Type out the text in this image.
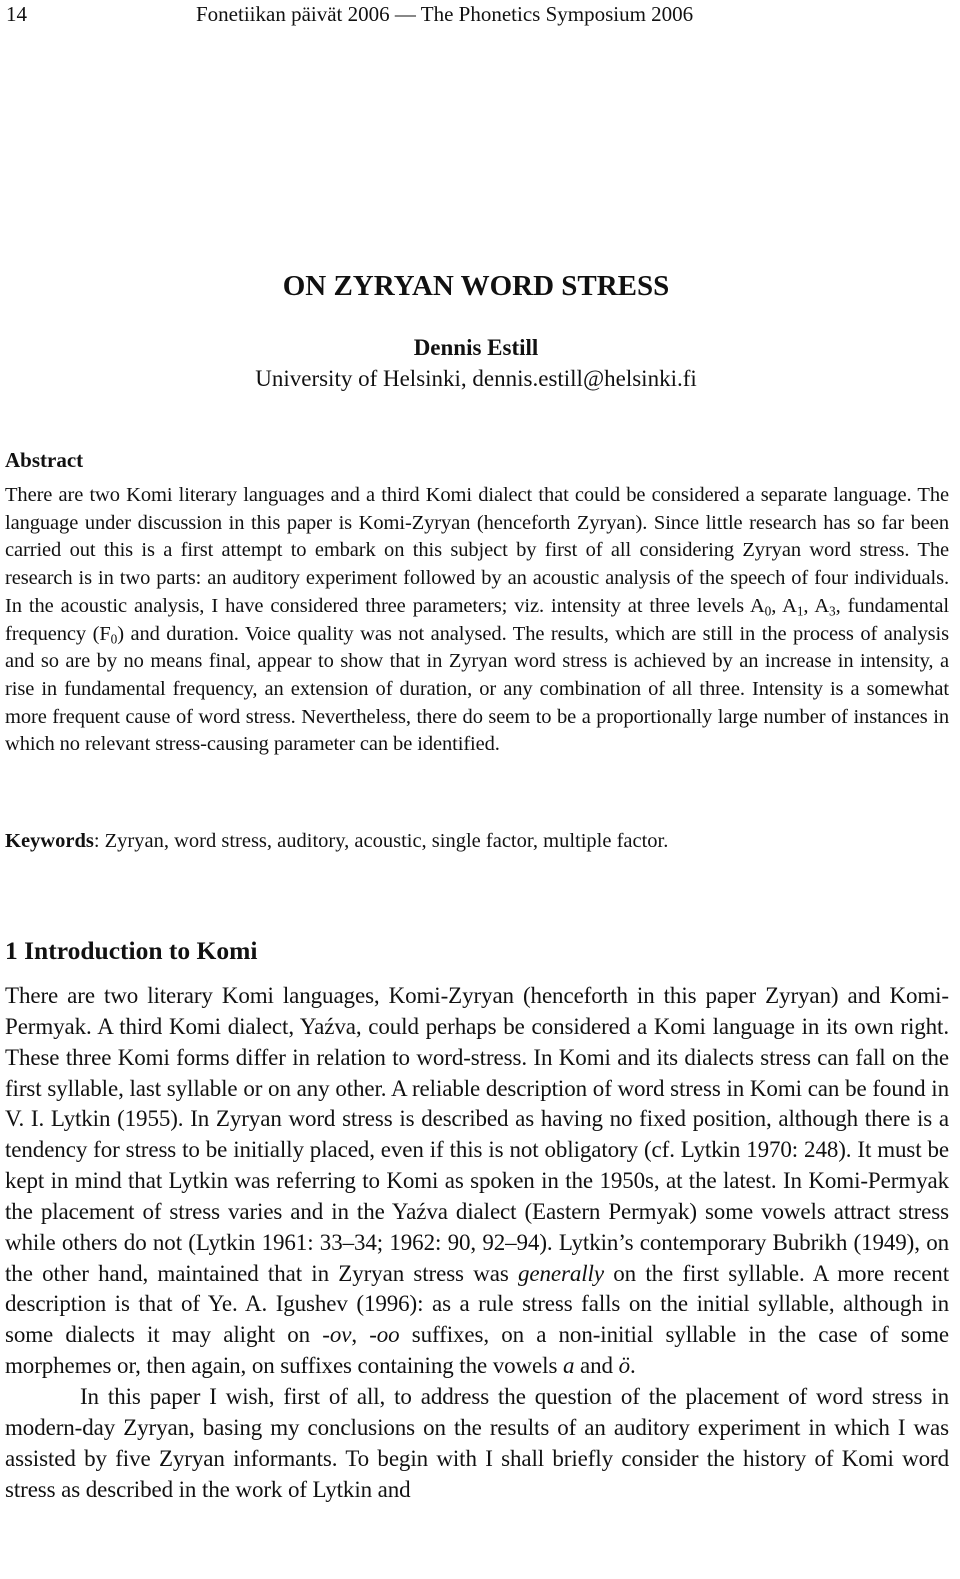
14	Fonetiikan päivät 2006 — The Phonetics Symposium 2006
ON ZYRYAN WORD STRESS
Dennis Estill
University of Helsinki, dennis.estill@helsinki.fi
Abstract
There are two Komi literary languages and a third Komi dialect that could be considered a separate language. The language under discussion in this paper is Komi-Zyryan (henceforth Zyryan). Since little research has so far been carried out this is a first attempt to embark on this subject by first of all considering Zyryan word stress. The research is in two parts: an auditory experiment followed by an acoustic analysis of the speech of four individuals. In the acoustic analysis, I have considered three parameters; viz. intensity at three levels $A_0$, $A_1$, $A_3$, fundamental frequency $(F_0)$ and duration. Voice quality was not analysed. The results, which are still in the process of analysis and so are by no means final, appear to show that in Zyryan word stress is achieved by an increase in intensity, a rise in fundamental frequency, an extension of duration, or any combination of all three. Intensity is a somewhat more frequent cause of word stress. Nevertheless, there do seem to be a proportionally large number of instances in which no relevant stress-causing parameter can be identified.
Keywords: Zyryan, word stress, auditory, acoustic, single factor, multiple factor.
1 Introduction to Komi

There are two literary Komi languages, Komi-Zyryan (henceforth in this paper Zyryan) and Komi-Permyak. A third Komi dialect, Yaźva, could perhaps be considered a Komi language in its own right. These three Komi forms differ in relation to word-stress. In Komi and its dialects stress can fall on the first syllable, last syllable or on any other. A reliable description of word stress in Komi can be found in V. I. Lytkin (1955). In Zyryan word stress is described as having no fixed position, although there is a tendency for stress to be initially placed, even if this is not obligatory (cf. Lytkin 1970: 248). It must be kept in mind that Lytkin was referring to Komi as spoken in the 1950s, at the latest. In Komi-Permyak the placement of stress varies and in the Yaźva dialect (Eastern Permyak) some vowels attract stress while others do not (Lytkin 1961: 33–34; 1962: 90, 92–94). Lytkin’s contemporary Bubrikh (1949), on the other hand, maintained that in Zyryan stress was generally on the first syllable. A more recent description is that of Ye. A. Igushev (1996): as a rule stress falls on the initial syllable, although in some dialects it may alight on -ov, -oo suffixes, on a non-initial syllable in the case of some morphemes or, then again, on suffixes containing the vowels a and ö.

In this paper I wish, first of all, to address the question of the placement of word stress in modern-day Zyryan, basing my conclusions on the results of an auditory experiment in which I was assisted by five Zyryan informants. To begin with I shall briefly consider the history of Komi word stress as described in the work of Lytkin and
